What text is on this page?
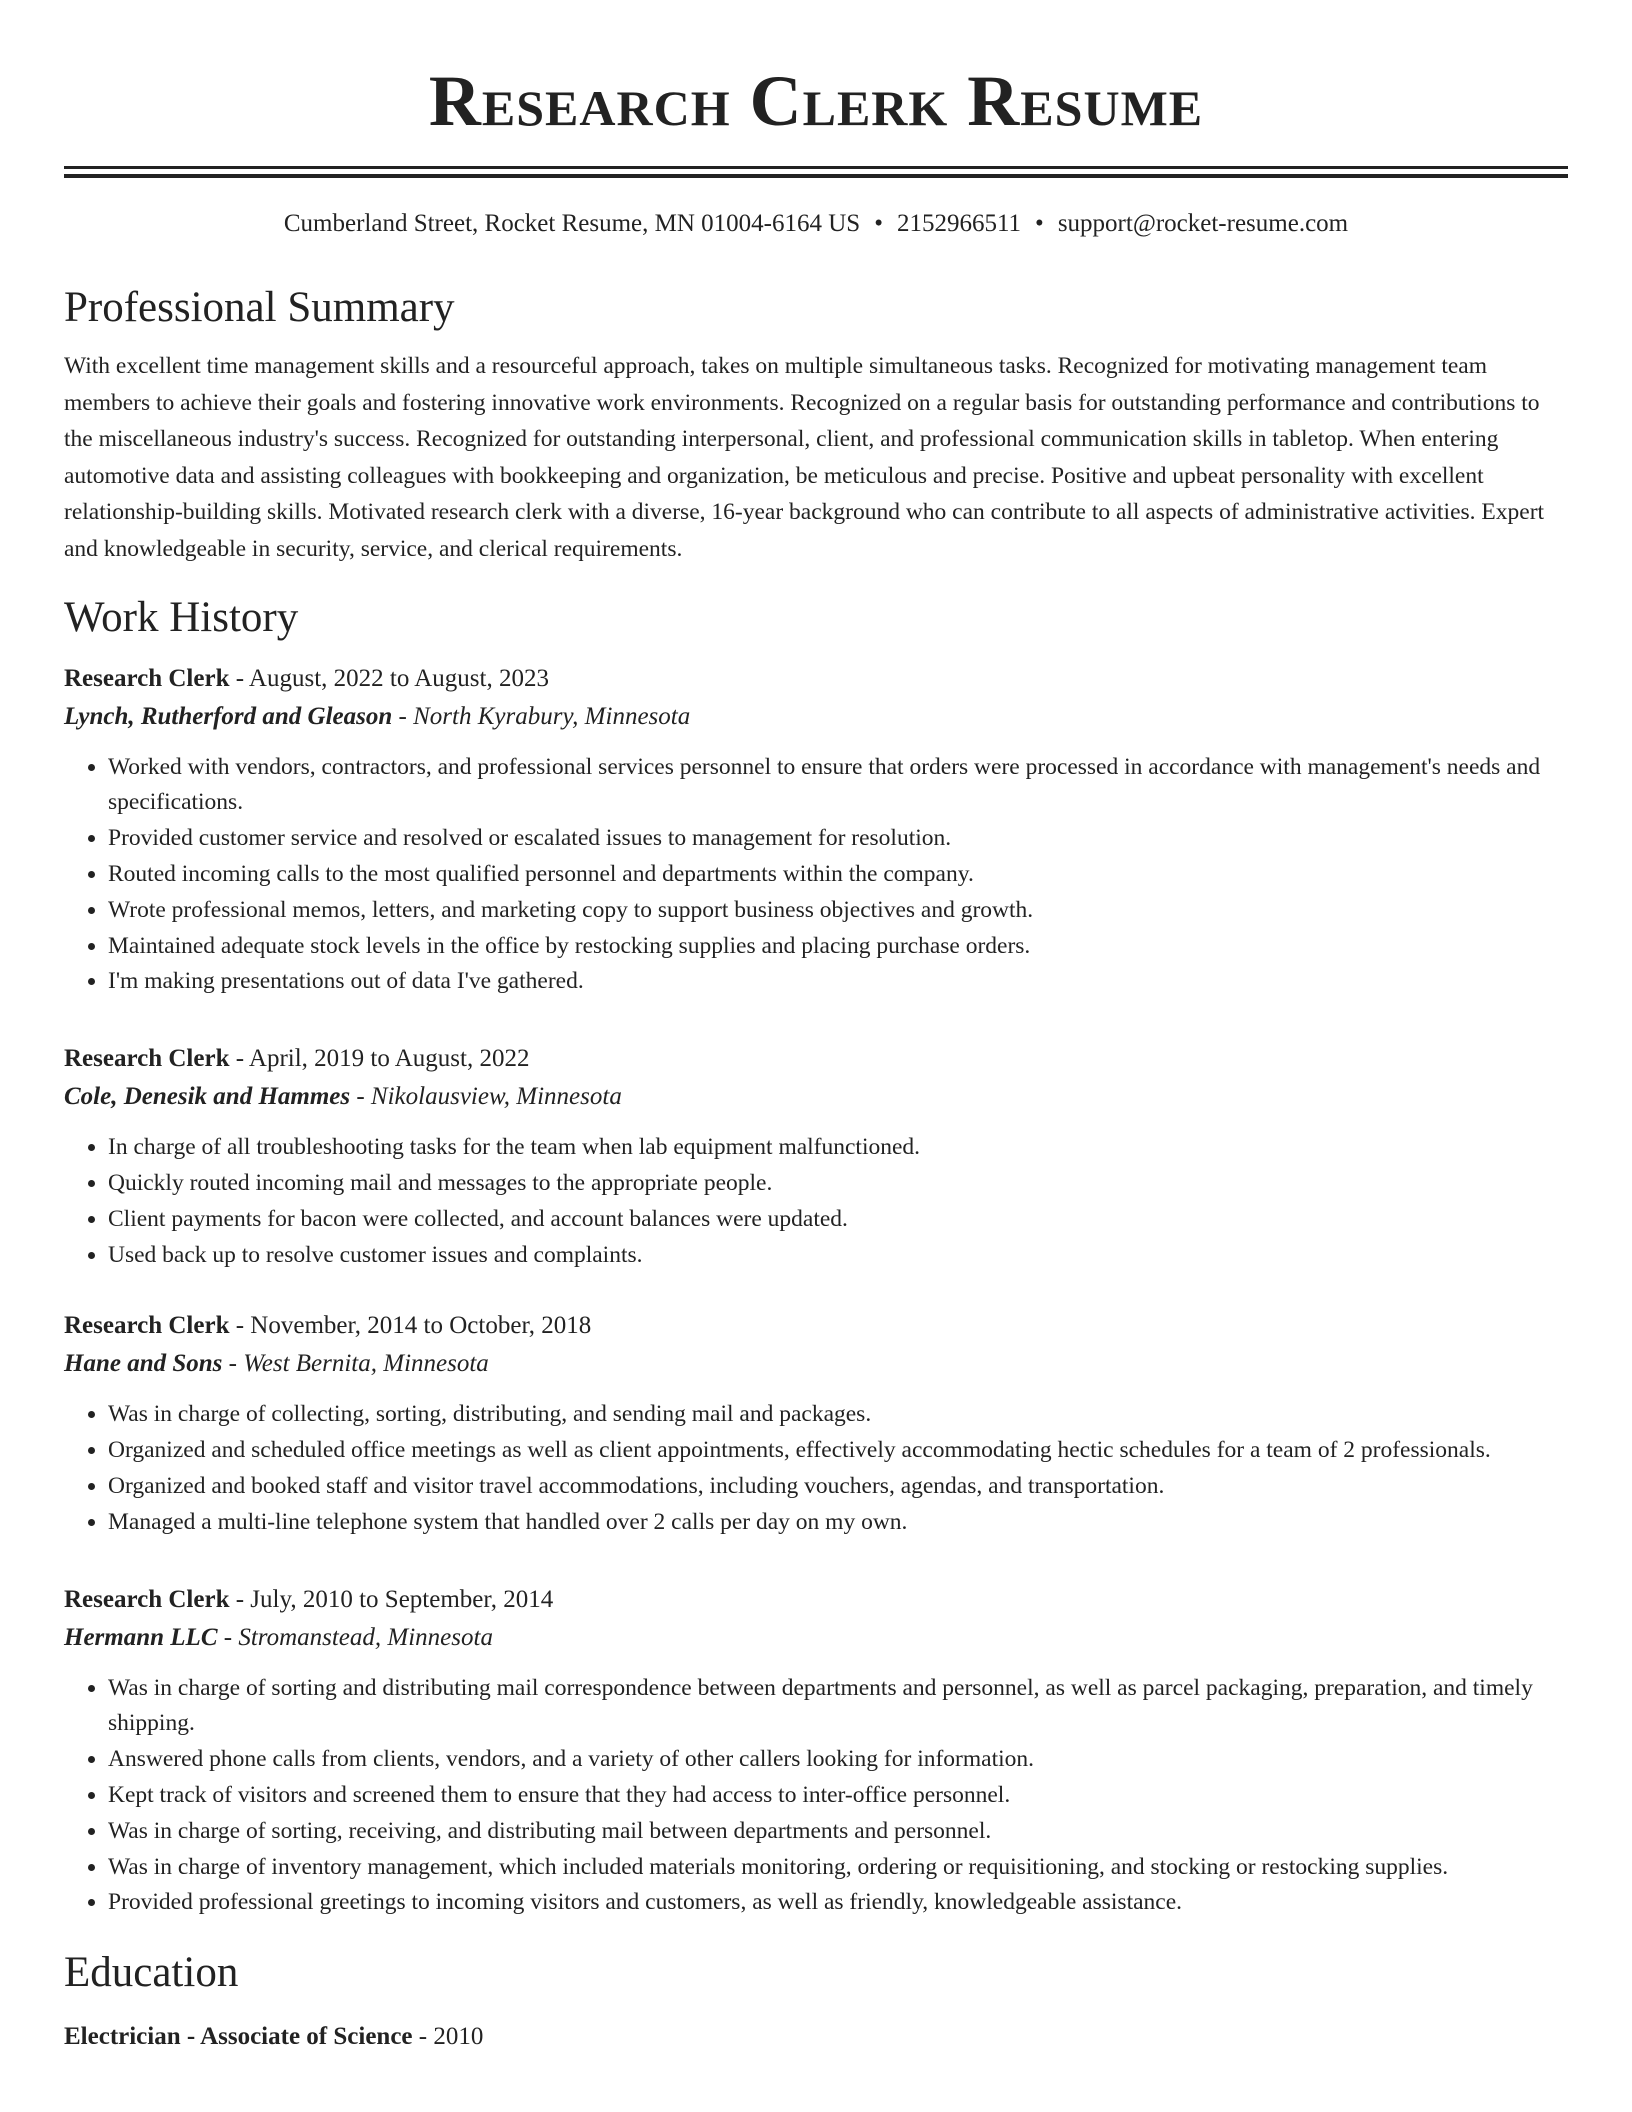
Research Clerk Resume
Cumberland Street, Rocket Resume, MN 01004-6164 US • 2152966511 • support@rocket-resume.com
Professional Summary
With excellent time management skills and a resourceful approach, takes on multiple simultaneous tasks. Recognized for motivating management team members to achieve their goals and fostering innovative work environments. Recognized on a regular basis for outstanding performance and contributions to the miscellaneous industry's success. Recognized for outstanding interpersonal, client, and professional communication skills in tabletop. When entering automotive data and assisting colleagues with bookkeeping and organization, be meticulous and precise. Positive and upbeat personality with excellent relationship-building skills. Motivated research clerk with a diverse, 16-year background who can contribute to all aspects of administrative activities. Expert and knowledgeable in security, service, and clerical requirements.
Work History
Research Clerk - August, 2022 to August, 2023
Lynch, Rutherford and Gleason - North Kyrabury, Minnesota
• Worked with vendors, contractors, and professional services personnel to ensure that orders were processed in accordance with management's needs and specifications.
• Provided customer service and resolved or escalated issues to management for resolution.
• Routed incoming calls to the most qualified personnel and departments within the company.
• Wrote professional memos, letters, and marketing copy to support business objectives and growth.
• Maintained adequate stock levels in the office by restocking supplies and placing purchase orders.
• I'm making presentations out of data I've gathered.
Research Clerk - April, 2019 to August, 2022
Cole, Denesik and Hammes - Nikolausview, Minnesota
• In charge of all troubleshooting tasks for the team when lab equipment malfunctioned.
• Quickly routed incoming mail and messages to the appropriate people.
• Client payments for bacon were collected, and account balances were updated.
• Used back up to resolve customer issues and complaints.
Research Clerk - November, 2014 to October, 2018
Hane and Sons - West Bernita, Minnesota
• Was in charge of collecting, sorting, distributing, and sending mail and packages.
• Organized and scheduled office meetings as well as client appointments, effectively accommodating hectic schedules for a team of 2 professionals.
• Organized and booked staff and visitor travel accommodations, including vouchers, agendas, and transportation.
• Managed a multi-line telephone system that handled over 2 calls per day on my own.
Research Clerk - July, 2010 to September, 2014
Hermann LLC - Stromanstead, Minnesota
• Was in charge of sorting and distributing mail correspondence between departments and personnel, as well as parcel packaging, preparation, and timely shipping.
• Answered phone calls from clients, vendors, and a variety of other callers looking for information.
• Kept track of visitors and screened them to ensure that they had access to inter-office personnel.
• Was in charge of sorting, receiving, and distributing mail between departments and personnel.
• Was in charge of inventory management, which included materials monitoring, ordering or requisitioning, and stocking or restocking supplies.
• Provided professional greetings to incoming visitors and customers, as well as friendly, knowledgeable assistance.
Education
Electrician - Associate of Science - 2010
